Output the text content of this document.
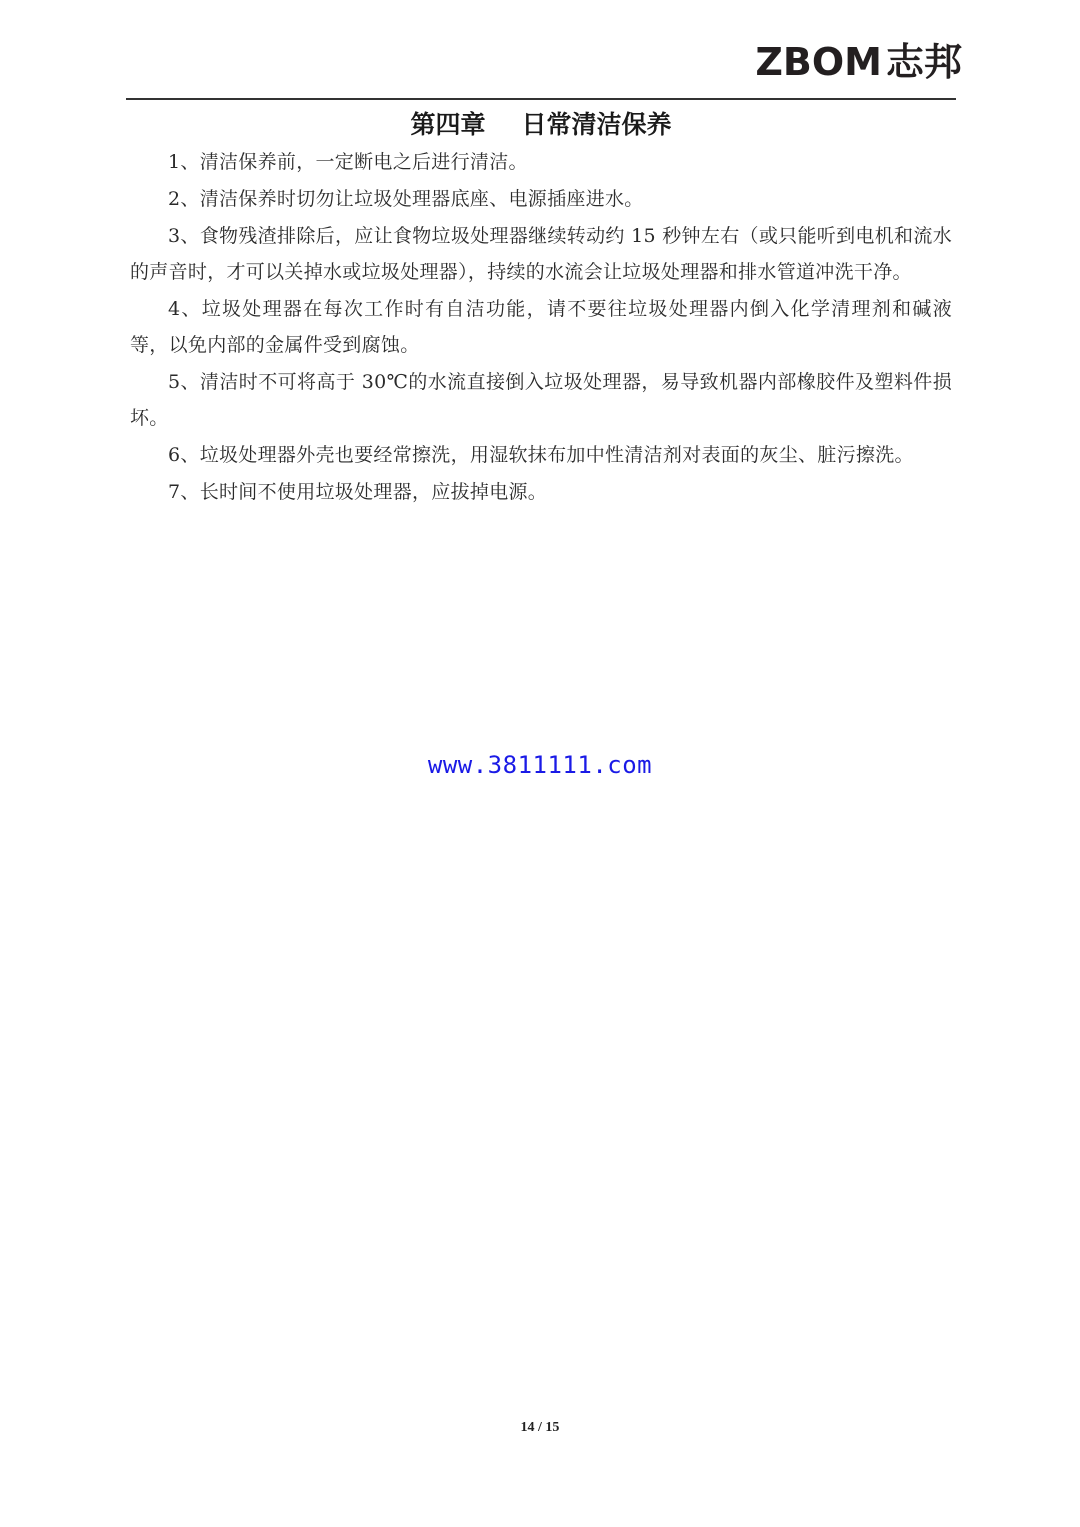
ZBOM 志邦
第四章 日常清洁保养

1、清洁保养前，一定断电之后进行清洁。

2、清洁保养时切勿让垃圾处理器底座、电源插座进水。

3、食物残渣排除后，应让食物垃圾处理器继续转动约 15 秒钟左右（或只能听到电机和流水的声音时，才可以关掉水或垃圾处理器），持续的水流会让垃圾处理器和排水管道冲洗干净。

4、垃圾处理器在每次工作时有自洁功能，请不要往垃圾处理器内倒入化学清理剂和碱液等，以免内部的金属件受到腐蚀。

5、清洁时不可将高于 30℃的水流直接倒入垃圾处理器，易导致机器内部橡胶件及塑料件损坏。

6、垃圾处理器外壳也要经常擦洗，用湿软抹布加中性清洁剂对表面的灰尘、脏污擦洗。

7、长时间不使用垃圾处理器，应拔掉电源。

www.3811111.com
14 / 15
